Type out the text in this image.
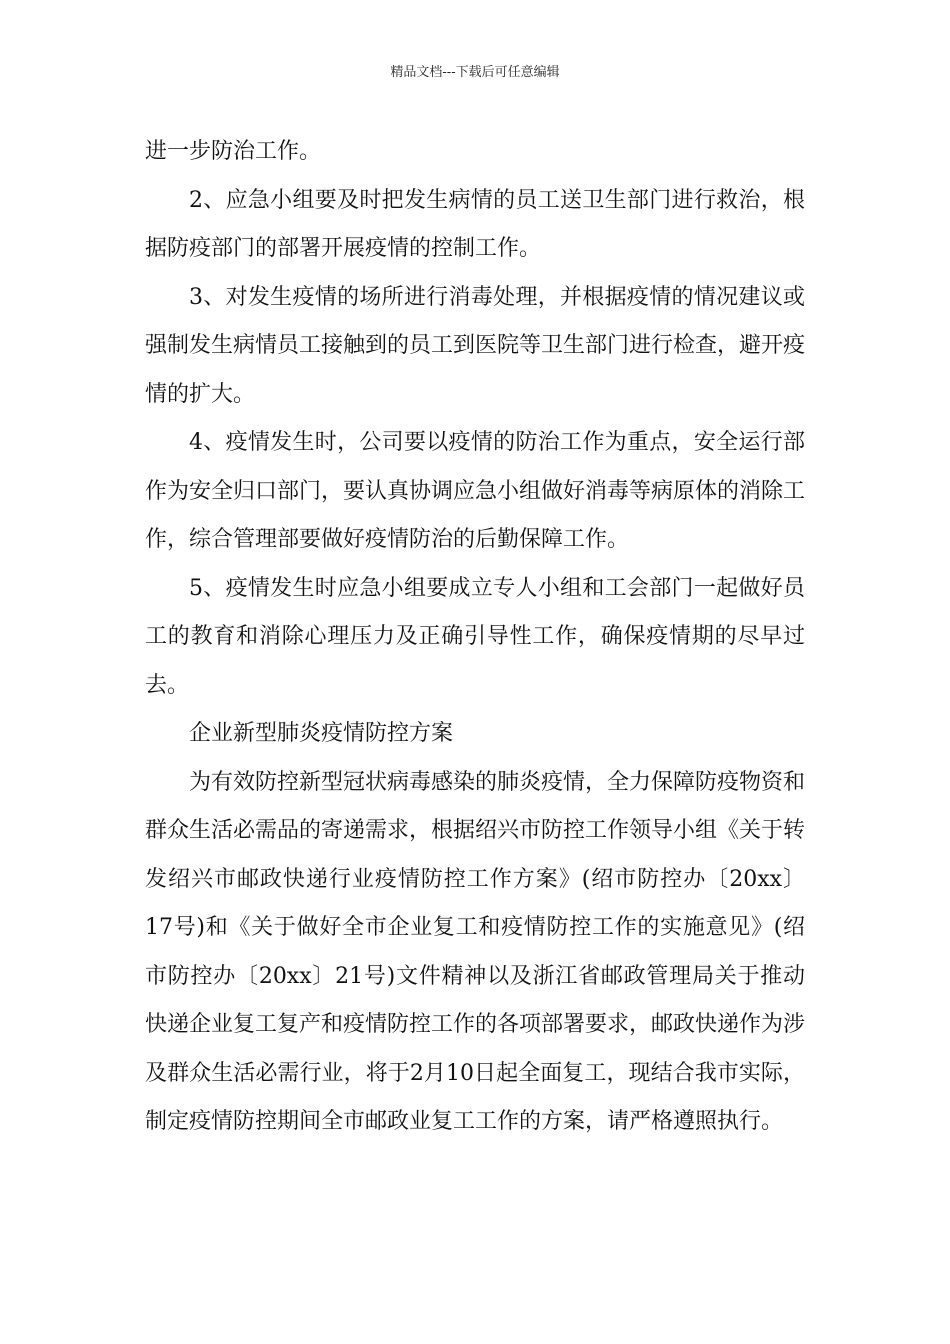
精品文档---下载后可任意编辑

进一步防治工作。

2、应急小组要及时把发生病情的员工送卫生部门进行救治，根据防疫部门的部署开展疫情的控制工作。

3、对发生疫情的场所进行消毒处理，并根据疫情的情况建议或强制发生病情员工接触到的员工到医院等卫生部门进行检查，避开疫情的扩大。

4、疫情发生时，公司要以疫情的防治工作为重点，安全运行部作为安全归口部门，要认真协调应急小组做好消毒等病原体的消除工作，综合管理部要做好疫情防治的后勤保障工作。

5、疫情发生时应急小组要成立专人小组和工会部门一起做好员工的教育和消除心理压力及正确引导性工作，确保疫情期的尽早过去。

企业新型肺炎疫情防控方案

为有效防控新型冠状病毒感染的肺炎疫情，全力保障防疫物资和群众生活必需品的寄递需求，根据绍兴市防控工作领导小组《关于转发绍兴市邮政快递行业疫情防控工作方案》(绍市防控办〔20xx〕17号)和《关于做好全市企业复工和疫情防控工作的实施意见》(绍市防控办〔20xx〕21号)文件精神以及浙江省邮政管理局关于推动快递企业复工复产和疫情防控工作的各项部署要求，邮政快递作为涉及群众生活必需行业，将于2月10日起全面复工，现结合我市实际，制定疫情防控期间全市邮政业复工工作的方案，请严格遵照执行。
